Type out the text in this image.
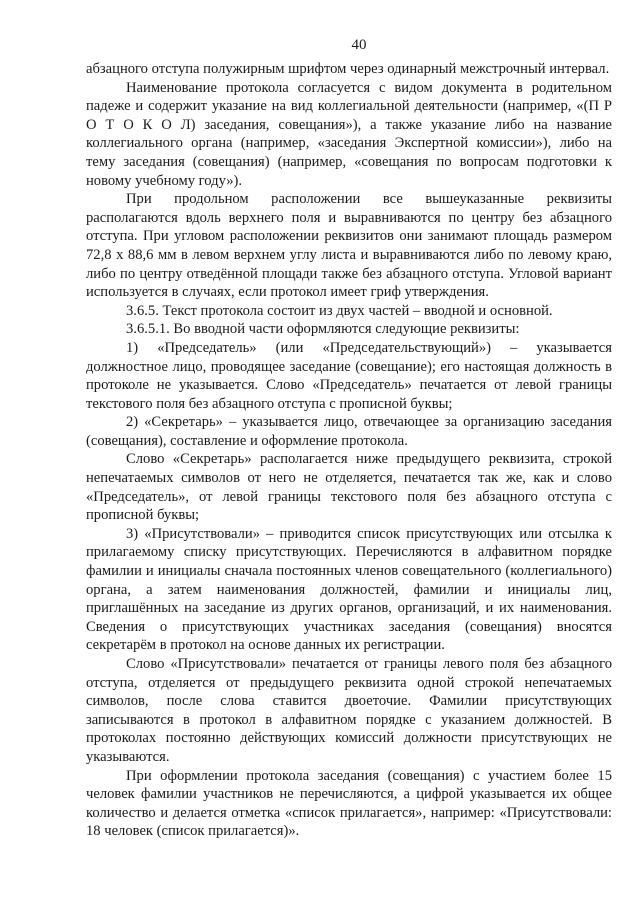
40

абзацного отступа полужирным шрифтом через одинарный межстрочный интервал.

Наименование протокола согласуется с видом документа в родительном падеже и содержит указание на вид коллегиальной деятельности (например, «(П Р О Т О К О Л) заседания, совещания»), а также указание либо на название коллегиального органа (например, «заседания Экспертной комиссии»), либо на тему заседания (совещания) (например, «совещания по вопросам подготовки к новому учебному году»).

При продольном расположении все вышеуказанные реквизиты располагаются вдоль верхнего поля и выравниваются по центру без абзацного отступа. При угловом расположении реквизитов они занимают площадь размером 72,8 х 88,6 мм в левом верхнем углу листа и выравниваются либо по левому краю, либо по центру отведённой площади также без абзацного отступа. Угловой вариант используется в случаях, если протокол имеет гриф утверждения.

3.6.5. Текст протокола состоит из двух частей – вводной и основной.

3.6.5.1. Во вводной части оформляются следующие реквизиты:

1) «Председатель» (или «Председательствующий») – указывается должностное лицо, проводящее заседание (совещание); его настоящая должность в протоколе не указывается. Слово «Председатель» печатается от левой границы текстового поля без абзацного отступа с прописной буквы;

2) «Секретарь» – указывается лицо, отвечающее за организацию заседания (совещания), составление и оформление протокола.

Слово «Секретарь» располагается ниже предыдущего реквизита, строкой непечатаемых символов от него не отделяется, печатается так же, как и слово «Председатель», от левой границы текстового поля без абзацного отступа с прописной буквы;

3) «Присутствовали» – приводится список присутствующих или отсылка к прилагаемому списку присутствующих. Перечисляются в алфавитном порядке фамилии и инициалы сначала постоянных членов совещательного (коллегиального) органа, а затем наименования должностей, фамилии и инициалы лиц, приглашённых на заседание из других органов, организаций, и их наименования. Сведения о присутствующих участниках заседания (совещания) вносятся секретарём в протокол на основе данных их регистрации.

Слово «Присутствовали» печатается от границы левого поля без абзацного отступа, отделяется от предыдущего реквизита одной строкой непечатаемых символов, после слова ставится двоеточие. Фамилии присутствующих записываются в протокол в алфавитном порядке с указанием должностей. В протоколах постоянно действующих комиссий должности присутствующих не указываются.

При оформлении протокола заседания (совещания) с участием более 15 человек фамилии участников не перечисляются, а цифрой указывается их общее количество и делается отметка «список прилагается», например: «Присутствовали: 18 человек (список прилагается)».
